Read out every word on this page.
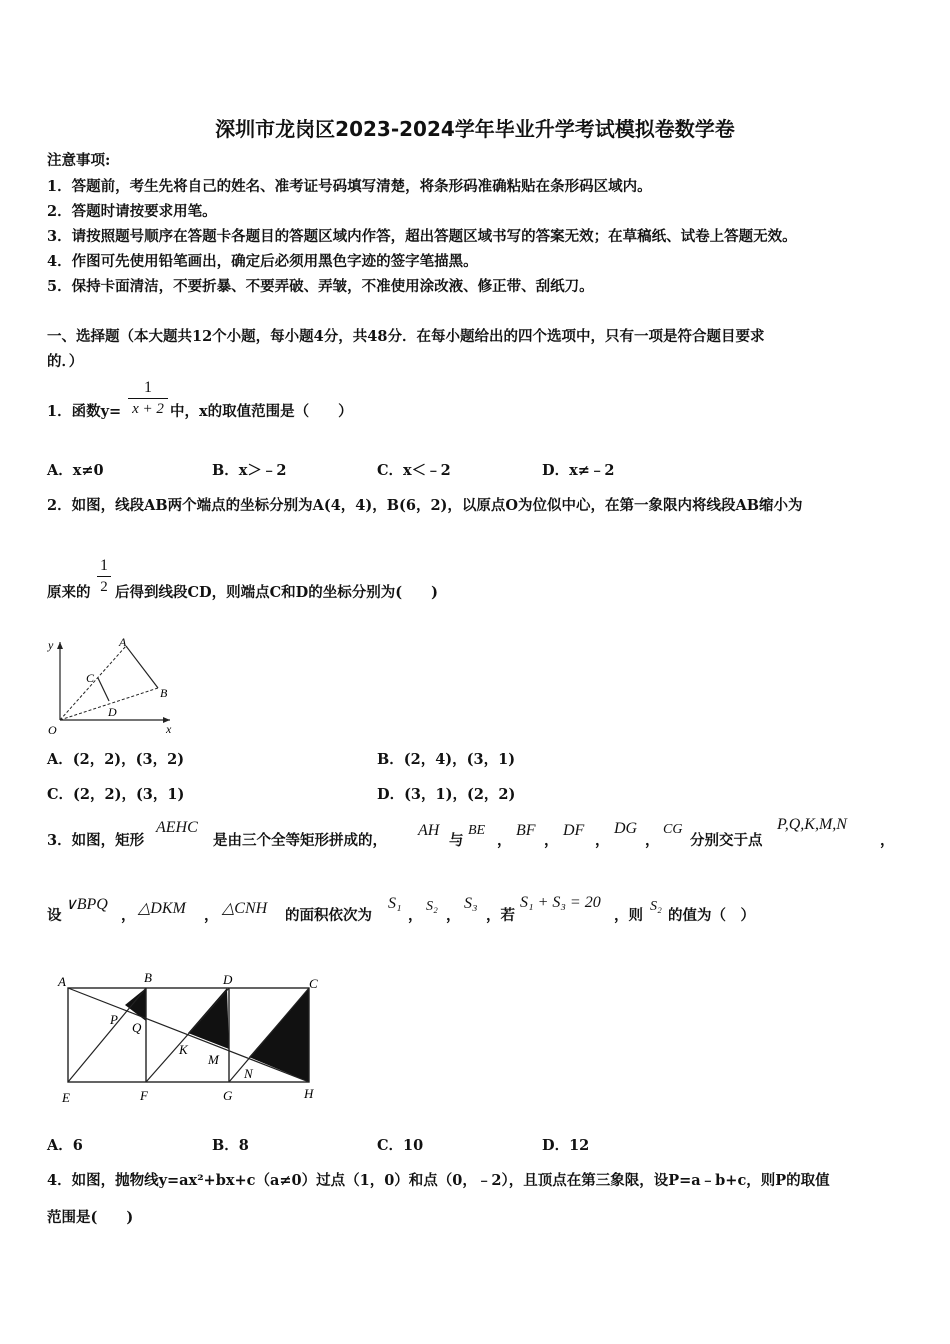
深圳市龙岗区2023-2024学年毕业升学考试模拟卷数学卷
注意事项:
1．答题前，考生先将自己的姓名、准考证号码填写清楚，将条形码准确粘贴在条形码区域内。
2．答题时请按要求用笔。
3．请按照题号顺序在答题卡各题目的答题区域内作答，超出答题区域书写的答案无效；在草稿纸、试卷上答题无效。
4．作图可先使用铅笔画出，确定后必须用黑色字迹的签字笔描黑。
5．保持卡面清洁，不要折暴、不要弄破、弄皱，不准使用涂改液、修正带、刮纸刀。
一、选择题（本大题共12个小题，每小题4分，共48分．在每小题给出的四个选项中，只有一项是符合题目要求
的．）
1．函数y=
1
x + 2 中，x的取值范围是（　　）
A．x≠0	B．x＞﹣2	C．x＜﹣2	D．x≠﹣2
2．如图，线段AB两个端点的坐标分别为A(4，4)，B(6，2)，以原点O为位似中心，在第一象限内将线段AB缩小为
原来的
1
2 后得到线段CD，则端点C和D的坐标分别为(　　)
y
x
O
A
B
C
D
A．(2，2)，(3，2)	B．(2，4)，(3，1)
C．(2，2)，(3，1)	D．(3，1)，(2，2)
3．如图，矩形
AEHC
是由三个全等矩形拼成的，
AH
与
BE
，
BF
，
DF
，
DG
，
CG
分别交于点
P,Q,K,M,N
，
设
∨BPQ
， △DKM ， △CNH 的面积依次为
S₁
，
S₂
，
S₃
，若
S₁ + S₃ = 20
，则
S₂
的值为（　）
A	B	D	C
P
Q
K
M
N
E	F	G	H
A．6	B．8	C．10	D．12
4．如图，抛物线y=ax²+bx+c（a≠0）过点（1，0）和点（0，﹣2），且顶点在第三象限，设P=a﹣b+c，则P的取值
范围是(　　)
